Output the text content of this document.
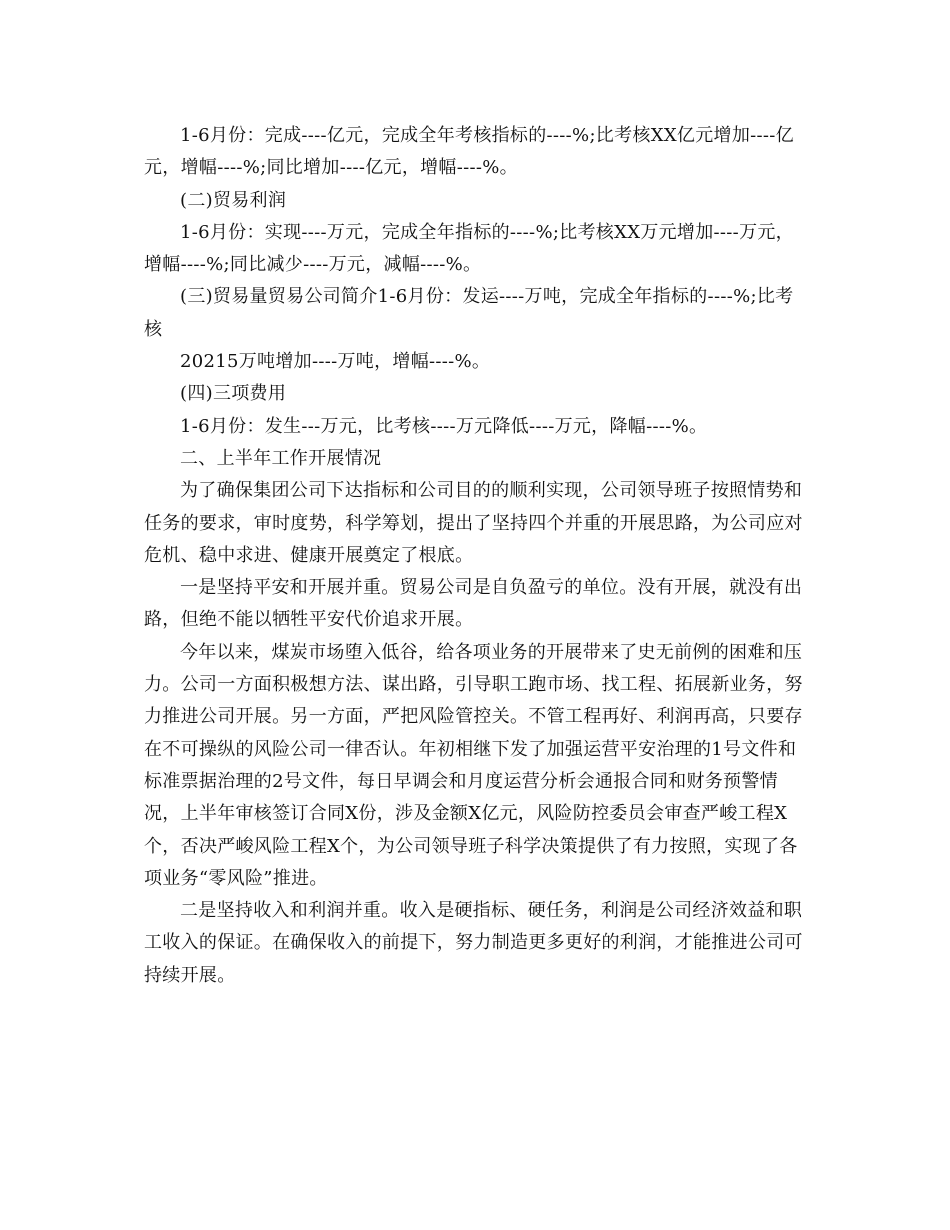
1-6月份：完成----亿元，完成全年考核指标的----%;比考核XX亿元增加----亿元，增幅----%;同比增加----亿元，增幅----%。

(二)贸易利润

1-6月份：实现----万元，完成全年指标的----%;比考核XX万元增加----万元，增幅----%;同比减少----万元，减幅----%。

(三)贸易量贸易公司简介1-6月份：发运----万吨，完成全年指标的----%;比考核

20215万吨增加----万吨，增幅----%。

(四)三项费用

1-6月份：发生---万元，比考核----万元降低----万元，降幅----%。

二、上半年工作开展情况

为了确保集团公司下达指标和公司目的的顺利实现，公司领导班子按照情势和任务的要求，审时度势，科学筹划，提出了坚持四个并重的开展思路，为公司应对危机、稳中求进、健康开展奠定了根底。

一是坚持平安和开展并重。贸易公司是自负盈亏的单位。没有开展，就没有出路，但绝不能以牺牲平安代价追求开展。

今年以来，煤炭市场堕入低谷，给各项业务的开展带来了史无前例的困难和压力。公司一方面积极想方法、谋出路，引导职工跑市场、找工程、拓展新业务，努力推进公司开展。另一方面，严把风险管控关。不管工程再好、利润再高，只要存在不可操纵的风险公司一律否认。年初相继下发了加强运营平安治理的1号文件和标准票据治理的2号文件，每日早调会和月度运营分析会通报合同和财务预警情况，上半年审核签订合同X份，涉及金额X亿元，风险防控委员会审查严峻工程X个，否决严峻风险工程X个，为公司领导班子科学决策提供了有力按照，实现了各项业务“零风险”推进。

二是坚持收入和利润并重。收入是硬指标、硬任务，利润是公司经济效益和职工收入的保证。在确保收入的前提下，努力制造更多更好的利润，才能推进公司可持续开展。
